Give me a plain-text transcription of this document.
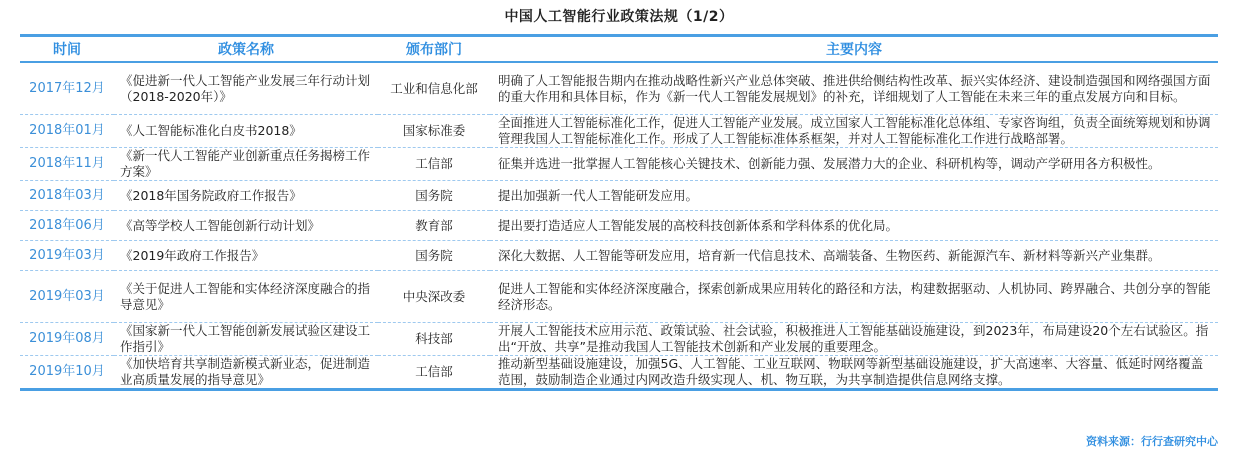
中国人工智能行业政策法规（1/2）
时间	政策名称	颁布部门	主要内容
2017年12月	《促进新一代人工智能产业发展三年行动计划（2018-2020年）》	工业和信息化部	明确了人工智能报告期内在推动战略性新兴产业总体突破、推进供给侧结构性改革、振兴实体经济、建设制造强国和网络强国方面的重大作用和具体目标，作为《新一代人工智能发展规划》的补充，详细规划了人工智能在未来三年的重点发展方向和目标。
2018年01月	《人工智能标准化白皮书2018》	国家标准委	全面推进人工智能标准化工作，促进人工智能产业发展。成立国家人工智能标准化总体组、专家咨询组，负责全面统筹规划和协调管理我国人工智能标准化工作。形成了人工智能标准体系框架，并对人工智能标准化工作进行战略部署。
2018年11月	《新一代人工智能产业创新重点任务揭榜工作方案》	工信部	征集并选进一批掌握人工智能核心关键技术、创新能力强、发展潜力大的企业、科研机构等，调动产学研用各方积极性。
2018年03月	《2018年国务院政府工作报告》	国务院	提出加强新一代人工智能研发应用。
2018年06月	《高等学校人工智能创新行动计划》	教育部	提出要打造适应人工智能发展的高校科技创新体系和学科体系的优化局。
2019年03月	《2019年政府工作报告》	国务院	深化大数据、人工智能等研发应用，培育新一代信息技术、高端装备、生物医药、新能源汽车、新材料等新兴产业集群。
2019年03月	《关于促进人工智能和实体经济深度融合的指导意见》	中央深改委	促进人工智能和实体经济深度融合，探索创新成果应用转化的路径和方法，构建数据驱动、人机协同、跨界融合、共创分享的智能经济形态。
2019年08月	《国家新一代人工智能创新发展试验区建设工作指引》	科技部	开展人工智能技术应用示范、政策试验、社会试验，积极推进人工智能基础设施建设，到2023年，布局建设20个左右试验区。指出“开放、共享”是推动我国人工智能技术创新和产业发展的重要理念。
2019年10月	《加快培育共享制造新模式新业态，促进制造业高质量发展的指导意见》	工信部	推动新型基础设施建设，加强5G、人工智能、工业互联网、物联网等新型基础设施建设，扩大高速率、大容量、低延时网络覆盖范围，鼓励制造企业通过内网改造升级实现人、机、物互联，为共享制造提供信息网络支撑。
资料来源：行行查研究中心
